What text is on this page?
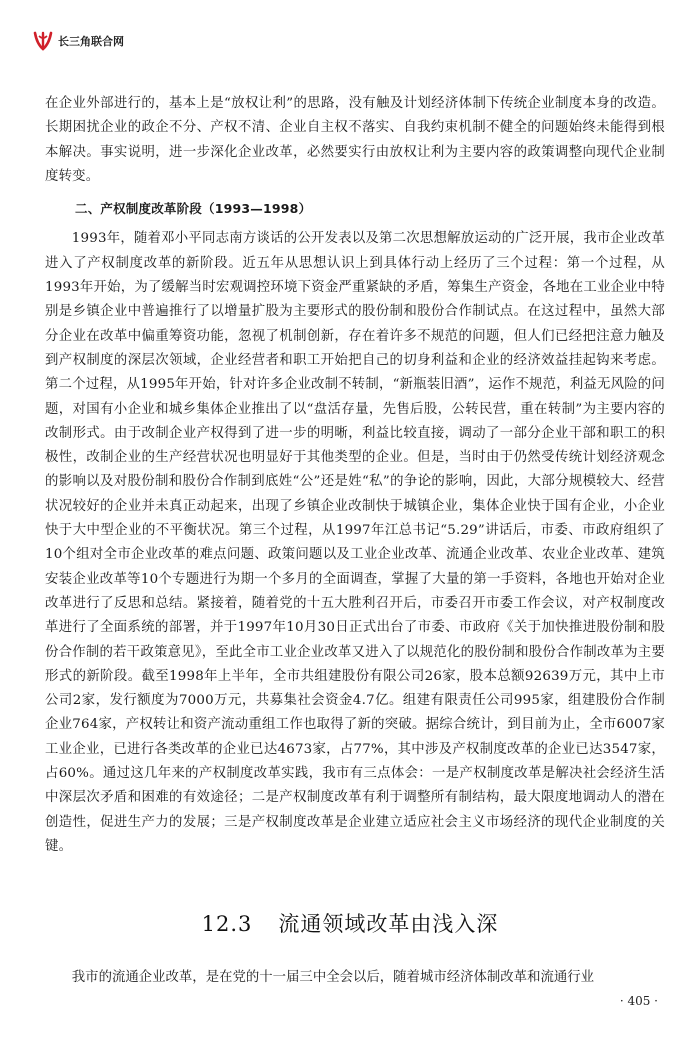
长三角联合网

在企业外部进行的，基本上是“放权让利”的思路，没有触及计划经济体制下传统企业制度本身的改造。长期困扰企业的政企不分、产权不清、企业自主权不落实、自我约束机制不健全的问题始终未能得到根本解决。事实说明，进一步深化企业改革，必然要实行由放权让利为主要内容的政策调整向现代企业制度转变。

二、产权制度改革阶段（1993—1998）

1993年，随着邓小平同志南方谈话的公开发表以及第二次思想解放运动的广泛开展，我市企业改革进入了产权制度改革的新阶段。近五年从思想认识上到具体行动上经历了三个过程：第一个过程，从1993年开始，为了缓解当时宏观调控环境下资金严重紧缺的矛盾，筹集生产资金，各地在工业企业中特别是乡镇企业中普遍推行了以增量扩股为主要形式的股份制和股份合作制试点。在这过程中，虽然大部分企业在改革中偏重筹资功能，忽视了机制创新，存在着许多不规范的问题，但人们已经把注意力触及到产权制度的深层次领域，企业经营者和职工开始把自己的切身利益和企业的经济效益挂起钩来考虑。第二个过程，从1995年开始，针对许多企业改制不转制，“新瓶装旧酒”，运作不规范，利益无风险的问题，对国有小企业和城乡集体企业推出了以“盘活存量，先售后股，公转民营，重在转制”为主要内容的改制形式。由于改制企业产权得到了进一步的明晰，利益比较直接，调动了一部分企业干部和职工的积极性，改制企业的生产经营状况也明显好于其他类型的企业。但是，当时由于仍然受传统计划经济观念的影响以及对股份制和股份合作制到底姓“公”还是姓“私”的争论的影响，因此，大部分规模较大、经营状况较好的企业并未真正动起来，出现了乡镇企业改制快于城镇企业，集体企业快于国有企业，小企业快于大中型企业的不平衡状况。第三个过程，从1997年江总书记“5.29”讲话后，市委、市政府组织了10个组对全市企业改革的难点问题、政策问题以及工业企业改革、流通企业改革、农业企业改革、建筑安装企业改革等10个专题进行为期一个多月的全面调查，掌握了大量的第一手资料，各地也开始对企业改革进行了反思和总结。紧接着，随着党的十五大胜利召开后，市委召开市委工作会议，对产权制度改革进行了全面系统的部署，并于1997年10月30日正式出台了市委、市政府《关于加快推进股份制和股份合作制的若干政策意见》，至此全市工业企业改革又进入了以规范化的股份制和股份合作制改革为主要形式的新阶段。截至1998年上半年，全市共组建股份有限公司26家，股本总额92639万元，其中上市公司2家，发行额度为7000万元，共募集社会资金4.7亿。组建有限责任公司995家，组建股份合作制企业764家，产权转让和资产流动重组工作也取得了新的突破。据综合统计，到目前为止，全市6007家工业企业，已进行各类改革的企业已达4673家，占77%，其中涉及产权制度改革的企业已达3547家，占60%。通过这几年来的产权制度改革实践，我市有三点体会：一是产权制度改革是解决社会经济生活中深层次矛盾和困难的有效途径；二是产权制度改革有利于调整所有制结构，最大限度地调动人的潜在创造性，促进生产力的发展；三是产权制度改革是企业建立适应社会主义市场经济的现代企业制度的关键。

12.3 流通领域改革由浅入深
我市的流通企业改革，是在党的十一届三中全会以后，随着城市经济体制改革和流通行业
· 405 ·
